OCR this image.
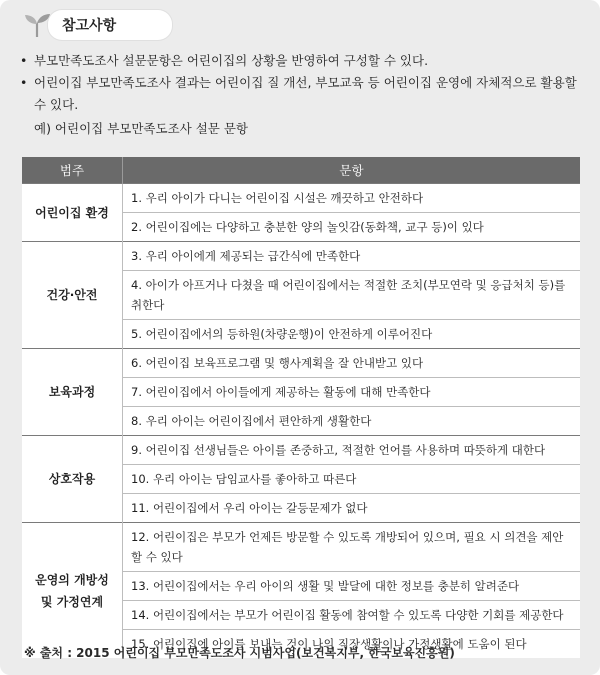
참고사항
• 부모만족도조사 설문문항은 어린이집의 상황을 반영하여 구성할 수 있다.
• 어린이집 부모만족도조사 결과는 어린이집 질 개선, 부모교육 등 어린이집 운영에 자체적으로 활용할 수 있다.
예) 어린이집 부모만족도조사 설문 문항
범주	문항
어린이집 환경	1. 우리 아이가 다니는 어린이집 시설은 깨끗하고 안전하다
	2. 어린이집에는 다양하고 충분한 양의 놀잇감(동화책, 교구 등)이 있다
건강·안전	3. 우리 아이에게 제공되는 급간식에 만족한다
	4. 아이가 아프거나 다쳤을 때 어린이집에서는 적절한 조치(부모연락 및 응급처치 등)를 취한다
	5. 어린이집에서의 등하원(차량운행)이 안전하게 이루어진다
보육과정	6. 어린이집 보육프로그램 및 행사계획을 잘 안내받고 있다
	7. 어린이집에서 아이들에게 제공하는 활동에 대해 만족한다
	8. 우리 아이는 어린이집에서 편안하게 생활한다
상호작용	9. 어린이집 선생님들은 아이를 존중하고, 적절한 언어를 사용하며 따뜻하게 대한다
	10. 우리 아이는 담임교사를 좋아하고 따른다
	11. 어린이집에서 우리 아이는 갈등문제가 없다
운영의 개방성 및 가정연계	12. 어린이집은 부모가 언제든 방문할 수 있도록 개방되어 있으며, 필요 시 의견을 제안할 수 있다
	13. 어린이집에서는 우리 아이의 생활 및 발달에 대한 정보를 충분히 알려준다
	14. 어린이집에서는 부모가 어린이집 활동에 참여할 수 있도록 다양한 기회를 제공한다
	15. 어린이집에 아이를 보내는 것이 나의 직장생활이나 가정생활에 도움이 된다
※ 출처 : 2015 어린이집 부모만족도조사 시범사업(보건복지부, 한국보육진흥원)
